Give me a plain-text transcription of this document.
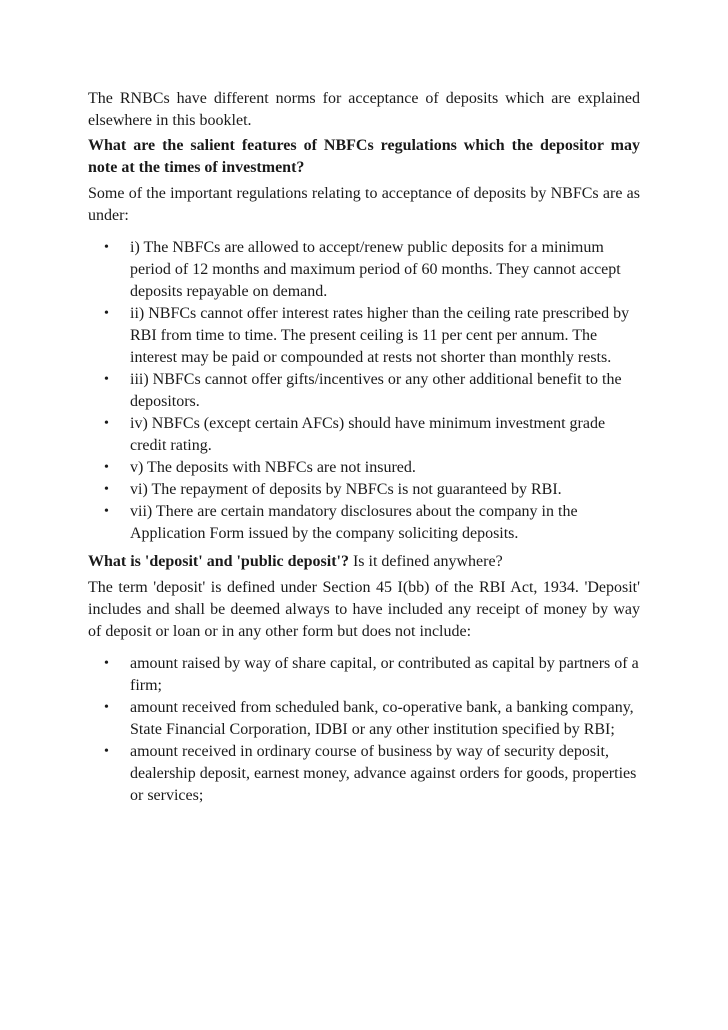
The RNBCs have different norms for acceptance of deposits which are explained elsewhere in this booklet.

What are the salient features of NBFCs regulations which the depositor may note at the times of investment?

Some of the important regulations relating to acceptance of deposits by NBFCs are as under:

• i) The NBFCs are allowed to accept/renew public deposits for a minimum period of 12 months and maximum period of 60 months. They cannot accept deposits repayable on demand.
• ii) NBFCs cannot offer interest rates higher than the ceiling rate prescribed by RBI from time to time. The present ceiling is 11 per cent per annum. The interest may be paid or compounded at rests not shorter than monthly rests.
• iii) NBFCs cannot offer gifts/incentives or any other additional benefit to the depositors.
• iv) NBFCs (except certain AFCs) should have minimum investment grade credit rating.
• v) The deposits with NBFCs are not insured.
• vi) The repayment of deposits by NBFCs is not guaranteed by RBI.
• vii) There are certain mandatory disclosures about the company in the Application Form issued by the company soliciting deposits.

What is 'deposit' and 'public deposit'? Is it defined anywhere?

The term 'deposit' is defined under Section 45 I(bb) of the RBI Act, 1934. 'Deposit' includes and shall be deemed always to have included any receipt of money by way of deposit or loan or in any other form but does not include:

• amount raised by way of share capital, or contributed as capital by partners of a firm;
• amount received from scheduled bank, co-operative bank, a banking company, State Financial Corporation, IDBI or any other institution specified by RBI;
• amount received in ordinary course of business by way of security deposit, dealership deposit, earnest money, advance against orders for goods, properties or services;
